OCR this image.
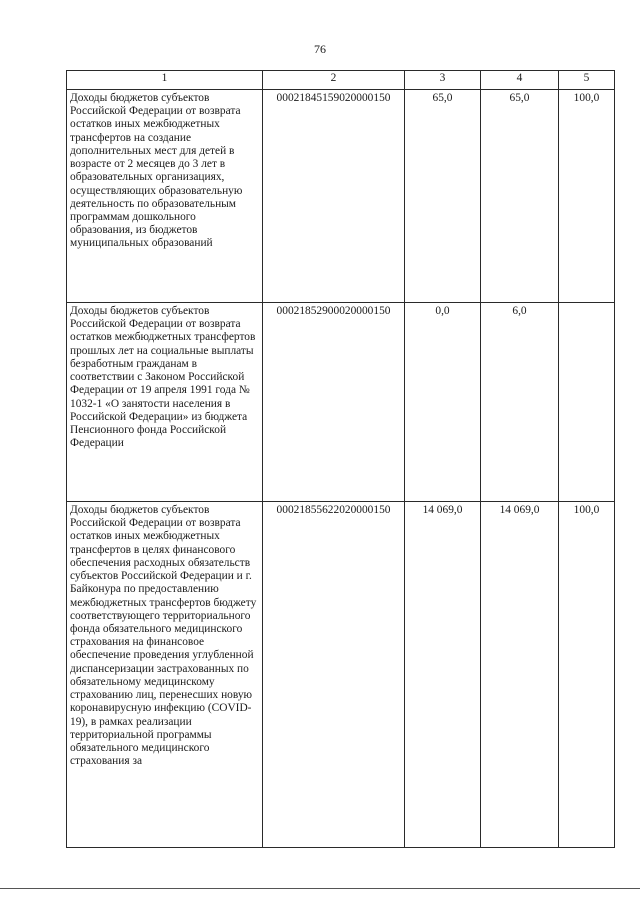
76
1	2	3	4	5
Доходы бюджетов субъектов Российской Федерации от возврата остатков иных межбюджетных трансфертов на создание дополнительных мест для детей в возрасте от 2 месяцев до 3 лет в образовательных организациях, осуществляющих образовательную деятельность по образовательным программам дошкольного образования, из бюджетов муниципальных образований	00021845159020000150	65,0	65,0	100,0
Доходы бюджетов субъектов Российской Федерации от возврата остатков межбюджетных трансфертов прошлых лет на социальные выплаты безработным гражданам в соответствии с Законом Российской Федерации от 19 апреля 1991 года № 1032-1 «О занятости населения в Российской Федерации» из бюджета Пенсионного фонда Российской Федерации	00021852900020000150	0,0	6,0	
Доходы бюджетов субъектов Российской Федерации от возврата остатков иных межбюджетных трансфертов в целях финансового обеспечения расходных обязательств субъектов Российской Федерации и г. Байконура по предоставлению межбюджетных трансфертов бюджету соответствующего территориального фонда обязательного медицинского страхования на финансовое обеспечение проведения углубленной диспансеризации застрахованных по обязательному медицинскому страхованию лиц, перенесших новую коронавирусную инфекцию (COVID-19), в рамках реализации территориальной программы обязательного медицинского страхования за	00021855622020000150	14 069,0	14 069,0	100,0
